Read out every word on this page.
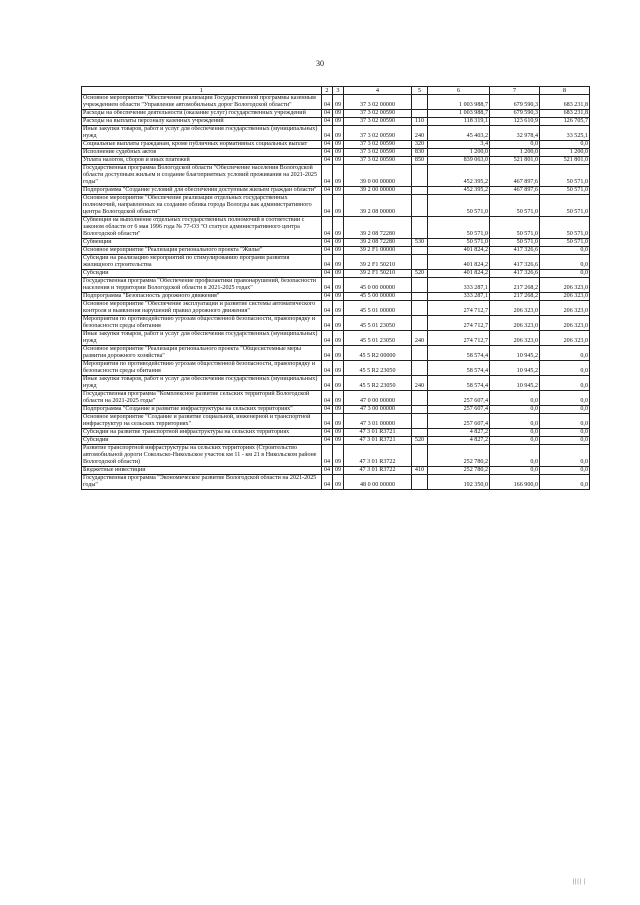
30
1	2	3	4	5	6	7	8
Основное мероприятие "Обеспечение реализации Государственной программы казенным учреждением области "Управление автомобильных дорог Вологодской области"	04	09	37 3 02 00000		1 003 988,7	679 590,3	683 231,8
Расходы на обеспечение деятельности (оказание услуг) государственных учреждений	04	09	37 3 02 00590		1 003 988,7	679 590,3	683 231,8
Расходы на выплаты персоналу казенных учреждений	04	09	37 3 02 00590	110	118 319,1	123 610,9	126 705,7
Иные закупки товаров, работ и услуг для обеспечения государственных (муниципальных) нужд	04	09	37 3 02 00590	240	45 403,2	32 978,4	33 525,1
Социальные выплаты гражданам, кроме публичных нормативных социальных выплат	04	09	37 3 02 00590	320	3,4	0,0	0,0
Исполнение судебных актов	04	09	37 3 02 00590	830	1 200,0	1 200,0	1 200,0
Уплата налогов, сборов и иных платежей	04	09	37 3 02 00590	850	839 063,0	521 801,0	521 801,0
Государственная программа Вологодской области "Обеспечение населения Вологодской области доступным жильем и создание благоприятных условий проживания на 2021-2025 годы"	04	09	39 0 00 00000		452 395,2	467 897,6	50 571,0
Подпрограмма "Создание условий для обеспечения доступным жильем граждан области"	04	09	39 2 00 00000		452 395,2	467 897,6	50 571,0
Основное мероприятие "Обеспечение реализации отдельных государственных полномочий, направленных на создание облика города Вологды как административного центра Вологодской области"	04	09	39 2 08 00000		50 571,0	50 571,0	50 571,0
Субвенция на выполнение отдельных государственных полномочий в соответствии с законом области от 6 мая 1996 года № 77-ОЗ "О статусе административного центра Вологодской области"	04	09	39 2 08 72280		50 571,0	50 571,0	50 571,0
Субвенции	04	09	39 2 08 72280	530	50 571,0	50 571,0	50 571,0
Основное мероприятие "Реализация регионального проекта "Жилье"	04	09	39 2 F1 00000		401 824,2	417 326,6	0,0
Субсидии на реализацию мероприятий по стимулированию программ развития жилищного строительства	04	09	39 2 F1 50210		401 824,2	417 326,6	0,0
Субсидии	04	09	39 2 F1 50210	520	401 824,2	417 326,6	0,0
Государственная программа "Обеспечение профилактики правонарушений, безопасности населения и территории Вологодской области в 2021-2025 годах"	04	09	45 0 00 00000		333 287,1	217 268,2	206 323,0
Подпрограмма "Безопасность дорожного движения"	04	09	45 5 00 00000		333 287,1	217 268,2	206 323,0
Основное мероприятие "Обеспечение эксплуатации и развитие системы автоматического контроля и выявления нарушений правил дорожного движения"	04	09	45 5 01 00000		274 712,7	206 323,0	206 323,0
Мероприятия по противодействию угрозам общественной безопасности, правопорядку и безопасности среды обитания	04	09	45 5 01 23050		274 712,7	206 323,0	206 323,0
Иные закупки товаров, работ и услуг для обеспечения государственных (муниципальных) нужд	04	09	45 5 01 23050	240	274 712,7	206 323,0	206 323,0
Основное мероприятие "Реализация регионального проекта "Общесистемные меры развития дорожного хозяйства"	04	09	45 5 R2 00000		58 574,4	10 945,2	0,0
Мероприятия по противодействию угрозам общественной безопасности, правопорядку и безопасности среды обитания	04	09	45 5 R2 23050		58 574,4	10 945,2	0,0
Иные закупки товаров, работ и услуг для обеспечения государственных (муниципальных) нужд	04	09	45 5 R2 23050	240	58 574,4	10 945,2	0,0
Государственная программа "Комплексное развитие сельских территорий Вологодской области на 2021-2025 годы"	04	09	47 0 00 00000		257 607,4	0,0	0,0
Подпрограмма "Создание и развитие инфраструктуры на сельских территориях"	04	09	47 3 00 00000		257 607,4	0,0	0,0
Основное мероприятие "Создание и развитие социальной, инженерной и транспортной инфраструктур на сельских территориях"	04	09	47 3 01 00000		257 607,4	0,0	0,0
Субсидии на развитие транспортной инфраструктуры на сельских территориях	04	09	47 3 01 R3721		4 827,2	0,0	0,0
Субсидии	04	09	47 3 01 R3721	520	4 827,2	0,0	0,0
Развитие транспортной инфраструктуры на сельских территориях (Строительство автомобильной дороги Сокольско-Никольское участок км 11 - км 21 в Никольском районе Вологодской области)	04	09	47 3 01 R3722		252 780,2	0,0	0,0
Бюджетные инвестиции	04	09	47 3 01 R3722	410	252 780,2	0,0	0,0
Государственная программа "Экономическое развитие Вологодской области на 2021-2025 годы"	04	09	48 0 00 00000		192 350,0	166 900,0	0,0
|||| |
